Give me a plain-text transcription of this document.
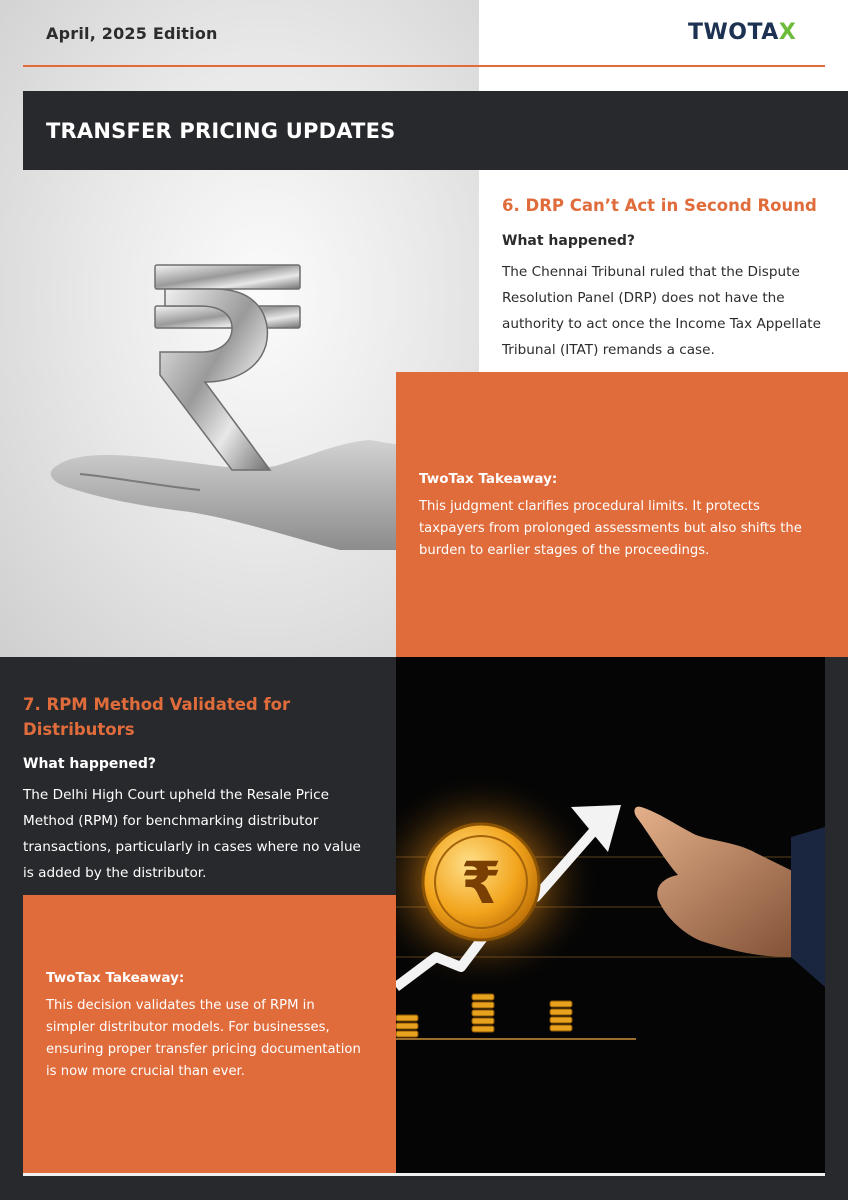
April, 2025 Edition	TWOTAX
TRANSFER PRICING UPDATES
6. DRP Can’t Act in Second Round
What happened?
The Chennai Tribunal ruled that the Dispute Resolution Panel (DRP) does not have the authority to act once the Income Tax Appellate Tribunal (ITAT) remands a case.
TwoTax Takeaway:
This judgment clarifies procedural limits. It protects taxpayers from prolonged assessments but also shifts the burden to earlier stages of the proceedings.
₹
7. RPM Method Validated for Distributors
What happened?
The Delhi High Court upheld the Resale Price Method (RPM) for benchmarking distributor transactions, particularly in cases where no value is added by the distributor.
TwoTax Takeaway:
This decision validates the use of RPM in simpler distributor models. For businesses, ensuring proper transfer pricing documentation is now more crucial than ever.
